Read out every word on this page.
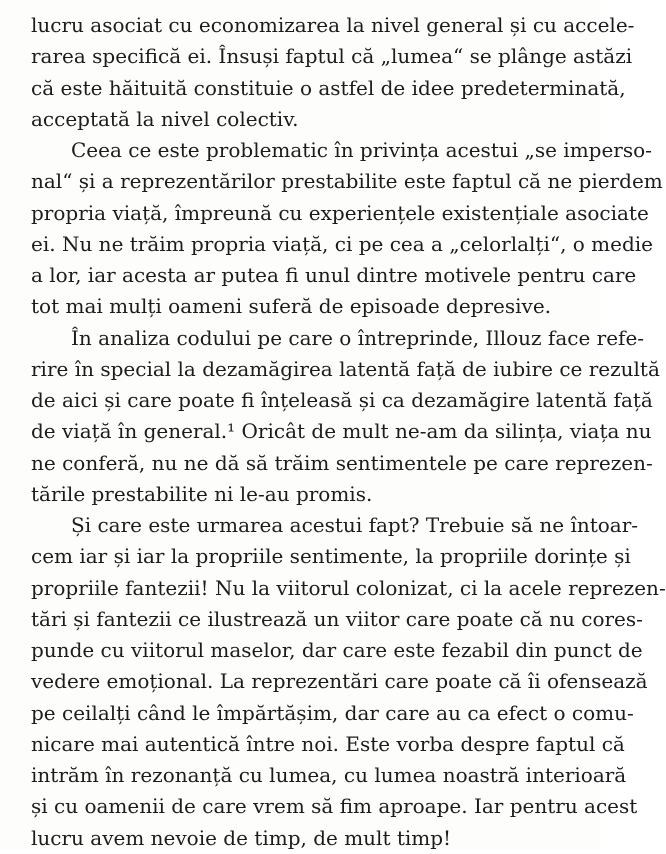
lucru asociat cu economizarea la nivel general și cu accele-
rarea specifică ei. Însuși faptul că „lumea“ se plânge astăzi
că este hăituită constituie o astfel de idee predeterminată,
acceptată la nivel colectiv.
Ceea ce este problematic în privința acestui „se imperso-
nal“ și a reprezentărilor prestabilite este faptul că ne pierdem
propria viață, împreună cu experiențele existențiale asociate
ei. Nu ne trăim propria viață, ci pe cea a „celorlalți“, o medie
a lor, iar acesta ar putea fi unul dintre motivele pentru care
tot mai mulți oameni suferă de episoade depresive.
În analiza codului pe care o întreprinde, Illouz face refe-
rire în special la dezamăgirea latentă față de iubire ce rezultă
de aici și care poate fi înțeleasă și ca dezamăgire latentă față
de viață în general.¹ Oricât de mult ne-am da silința, viața nu
ne conferă, nu ne dă să trăim sentimentele pe care reprezen-
tările prestabilite ni le-au promis.
Și care este urmarea acestui fapt? Trebuie să ne întoar-
cem iar și iar la propriile sentimente, la propriile dorințe și
propriile fantezii! Nu la viitorul colonizat, ci la acele reprezen-
tări și fantezii ce ilustrează un viitor care poate că nu cores-
punde cu viitorul maselor, dar care este fezabil din punct de
vedere emoțional. La reprezentări care poate că îi ofensează
pe ceilalți când le împărtășim, dar care au ca efect o comu-
nicare mai autentică între noi. Este vorba despre faptul că
intrăm în rezonanță cu lumea, cu lumea noastră interioară
și cu oamenii de care vrem să fim aproape. Iar pentru acest
lucru avem nevoie de timp, de mult timp!
